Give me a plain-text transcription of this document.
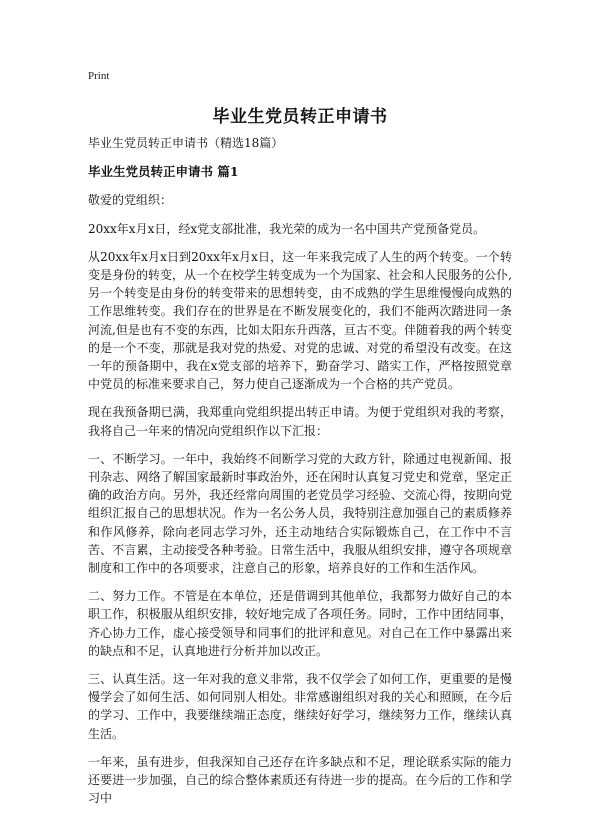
Print
毕业生党员转正申请书

毕业生党员转正申请书（精选18篇）

毕业生党员转正申请书 篇1

敬爱的党组织：

20xx年x月x日，经x党支部批准，我光荣的成为一名中国共产党预备党员。

从20xx年x月x日到20xx年x月x日，这一年来我完成了人生的两个转变。一个转变是身份的转变，从一个在校学生转变成为一个为国家、社会和人民服务的公仆,另一个转变是由身份的转变带来的思想转变，由不成熟的学生思维慢慢向成熟的工作思维转变。我们存在的世界是在不断发展变化的，我们不能两次踏进同一条河流,但是也有不变的东西，比如太阳东升西落，亘古不变。伴随着我的两个转变的是一个不变，那就是我对党的热爱、对党的忠诚、对党的希望没有改变。在这一年的预备期中，我在x党支部的培养下，勤奋学习、踏实工作，严格按照党章中党员的标准来要求自己，努力使自己逐渐成为一个合格的共产党员。

现在我预备期已满，我郑重向党组织提出转正申请。为便于党组织对我的考察，我将自己一年来的情况向党组织作以下汇报：

一、不断学习。一年中，我始终不间断学习党的大政方针，除通过电视新闻、报刊杂志、网络了解国家最新时事政治外，还在闲时认真复习党史和党章，坚定正确的政治方向。另外，我还经常向周围的老党员学习经验、交流心得，按期向党组织汇报自己的思想状况。作为一名公务人员，我特别注意加强自己的素质修养和作风修养，除向老同志学习外，还主动地结合实际锻炼自己，在工作中不言苦、不言累，主动接受各种考验。日常生活中，我服从组织安排，遵守各项规章制度和工作中的各项要求，注意自己的形象，培养良好的工作和生活作风。

二、努力工作。不管是在本单位，还是借调到其他单位，我都努力做好自己的本职工作，积极服从组织安排，较好地完成了各项任务。同时，工作中团结同事，齐心协力工作，虚心接受领导和同事们的批评和意见。对自己在工作中暴露出来的缺点和不足，认真地进行分析并加以改正。

三、认真生活。这一年对我的意义非常，我不仅学会了如何工作，更重要的是慢慢学会了如何生活、如何同别人相处。非常感谢组织对我的关心和照顾，在今后的学习、工作中，我要继续端正态度，继续好好学习，继续努力工作，继续认真生活。

一年来，虽有进步，但我深知自己还存在许多缺点和不足，理论联系实际的能力还要进一步加强，自己的综合整体素质还有待进一步的提高。在今后的工作和学习中
